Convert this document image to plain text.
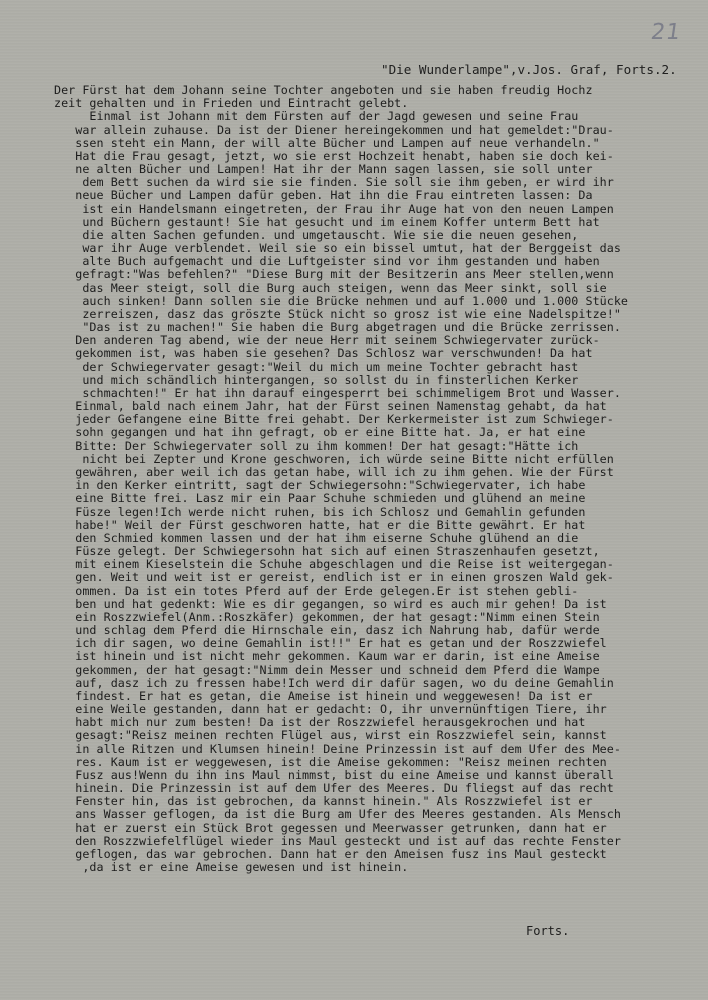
21
"Die Wunderlampe",v.Jos. Graf, Forts.2.
Der Fürst hat dem Johann seine Tochter angeboten und sie haben freudig Hochz
zeit gehalten und in Frieden und Eintracht gelebt.
Einmal ist Johann mit dem Fürsten auf der Jagd gewesen und seine Frau
war allein zuhause. Da ist der Diener hereingekommen und hat gemeldet:"Drau-
ssen steht ein Mann, der will alte Bücher und Lampen auf neue verhandeln."
Hat die Frau gesagt, jetzt, wo sie erst Hochzeit henabt, haben sie doch kei-
ne alten Bücher und Lampen! Hat ihr der Mann sagen lassen, sie soll unter
dem Bett suchen da wird sie sie finden. Sie soll sie ihm geben, er wird ihr
neue Bücher und Lampen dafür geben. Hat ihn die Frau eintreten lassen: Da
ist ein Handelsmann eingetreten, der Frau ihr Auge hat von den neuen Lampen
und Büchern gestaunt! Sie hat gesucht und im einem Koffer unterm Bett hat
die alten Sachen gefunden. und umgetauscht. Wie sie die neuen gesehen,
war ihr Auge verblendet. Weil sie so ein bissel umtut, hat der Berggeist das
alte Buch aufgemacht und die Luftgeister sind vor ihm gestanden und haben
gefragt:"Was befehlen?" "Diese Burg mit der Besitzerin ans Meer stellen,wenn
das Meer steigt, soll die Burg auch steigen, wenn das Meer sinkt, soll sie
auch sinken! Dann sollen sie die Brücke nehmen und auf 1.000 und 1.000 Stücke
zerreiszen, dasz das gröszte Stück nicht so grosz ist wie eine Nadelspitze!"
"Das ist zu machen!" Sie haben die Burg abgetragen und die Brücke zerrissen.
Den anderen Tag abend, wie der neue Herr mit seinem Schwiegervater zurück-
gekommen ist, was haben sie gesehen? Das Schlosz war verschwunden! Da hat
der Schwiegervater gesagt:"Weil du mich um meine Tochter gebracht hast
und mich schändlich hintergangen, so sollst du in finsterlichen Kerker
schmachten!" Er hat ihn darauf eingesperrt bei schimmeligem Brot und Wasser.
Einmal, bald nach einem Jahr, hat der Fürst seinen Namenstag gehabt, da hat
jeder Gefangene eine Bitte frei gehabt. Der Kerkermeister ist zum Schwieger-
sohn gegangen und hat ihn gefragt, ob er eine Bitte hat. Ja, er hat eine
Bitte: Der Schwiegervater soll zu ihm kommen! Der hat gesagt:"Hätte ich
nicht bei Zepter und Krone geschworen, ich würde seine Bitte nicht erfüllen
gewähren, aber weil ich das getan habe, will ich zu ihm gehen. Wie der Fürst
in den Kerker eintritt, sagt der Schwiegersohn:"Schwiegervater, ich habe
eine Bitte frei. Lasz mir ein Paar Schuhe schmieden und glühend an meine
Füsze legen!Ich werde nicht ruhen, bis ich Schlosz und Gemahlin gefunden
habe!" Weil der Fürst geschworen hatte, hat er die Bitte gewährt. Er hat
den Schmied kommen lassen und der hat ihm eiserne Schuhe glühend an die
Füsze gelegt. Der Schwiegersohn hat sich auf einen Straszenhaufen gesetzt,
mit einem Kieselstein die Schuhe abgeschlagen und die Reise ist weitergegan-
gen. Weit und weit ist er gereist, endlich ist er in einen groszen Wald gek-
ommen. Da ist ein totes Pferd auf der Erde gelegen.Er ist stehen gebli-
ben und hat gedenkt: Wie es dir gegangen, so wird es auch mir gehen! Da ist
ein Roszzwiefel(Anm.:Roszkäfer) gekommen, der hat gesagt:"Nimm einen Stein
und schlag dem Pferd die Hirnschale ein, dasz ich Nahrung hab, dafür werde
ich dir sagen, wo deine Gemahlin ist!!" Er hat es getan und der Roszzwiefel
ist hinein und ist nicht mehr gekommen. Kaum war er darin, ist eine Ameise
gekommen, der hat gesagt:"Nimm dein Messer und schneid dem Pferd die Wampe
auf, dasz ich zu fressen habe!Ich werd dir dafür sagen, wo du deine Gemahlin
findest. Er hat es getan, die Ameise ist hinein und weggewesen! Da ist er
eine Weile gestanden, dann hat er gedacht: O, ihr unvernünftigen Tiere, ihr
habt mich nur zum besten! Da ist der Roszzwiefel herausgekrochen und hat
gesagt:"Reisz meinen rechten Flügel aus, wirst ein Roszzwiefel sein, kannst
in alle Ritzen und Klumsen hinein! Deine Prinzessin ist auf dem Ufer des Mee-
res. Kaum ist er weggewesen, ist die Ameise gekommen: "Reisz meinen rechten
Fusz aus!Wenn du ihn ins Maul nimmst, bist du eine Ameise und kannst überall
hinein. Die Prinzessin ist auf dem Ufer des Meeres. Du fliegst auf das recht
Fenster hin, das ist gebrochen, da kannst hinein." Als Roszzwiefel ist er
ans Wasser geflogen, da ist die Burg am Ufer des Meeres gestanden. Als Mensch
hat er zuerst ein Stück Brot gegessen und Meerwasser getrunken, dann hat er
den Roszzwiefelflügel wieder ins Maul gesteckt und ist auf das rechte Fenster
geflogen, das war gebrochen. Dann hat er den Ameisen fusz ins Maul gesteckt
,da ist er eine Ameise gewesen und ist hinein.
Forts.
